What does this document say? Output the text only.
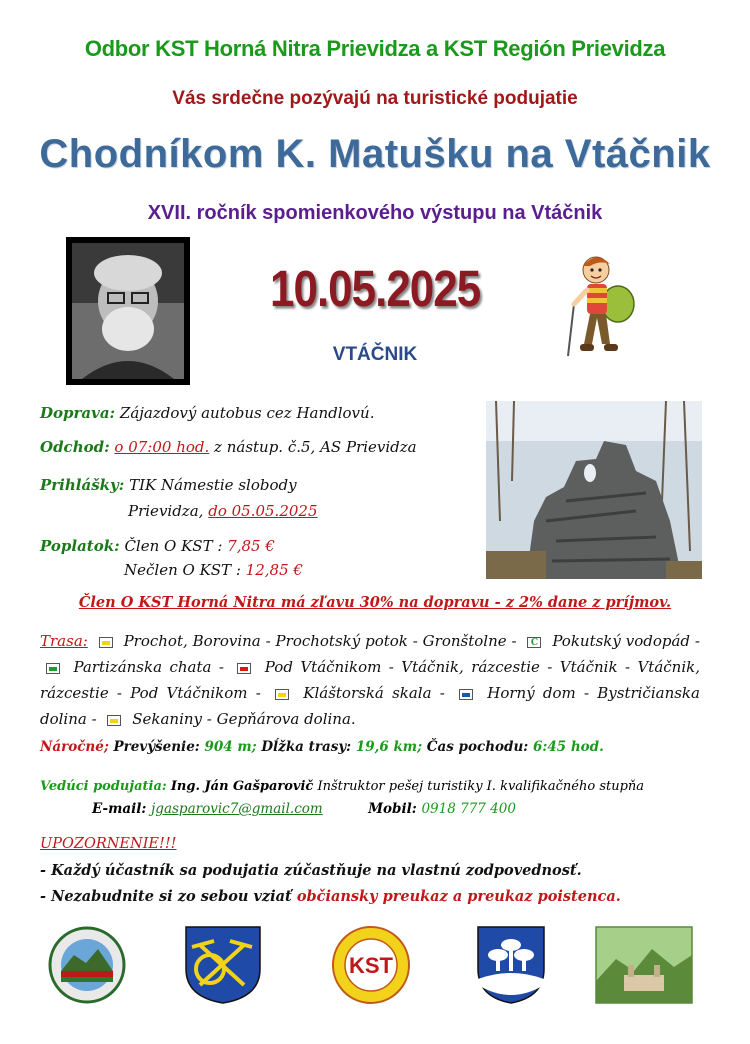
Odbor KST Horná Nitra Prievidza a KST Región Prievidza
Vás srdečne pozývajú na turistické podujatie
Chodníkom K. Matušku na Vtáčnik
XVII. ročník spomienkového výstupu na Vtáčnik
10.05.2025
VTÁČNIK
Doprava: Zájazdový autobus cez Handlovú.
Odchod: o 07:00 hod. z nástup. č.5, AS Prievidza
Prihlášky: TIK Námestie slobody
Prievidza, do 05.05.2025
Poplatok: Člen O KST : 7,85 €
Nečlen O KST : 12,85 €
Člen O KST Horná Nitra má zľavu 30% na dopravu - z 2% dane z príjmov.
Trasa: Prochot, Borovina - Prochotský potok - Gronštolne - C Pokutský vodopád -
Partizánska chata -	Pod Vtáčnikom - Vtáčnik, rázcestie - Vtáčnik - Vtáčnik, rázcestie - Pod Vtáčnikom -	Kláštorská skala -	Horný dom - Bystričianska dolina - Sekaniny - Gepňárova dolina.
Náročné; Prevýšenie: 904 m; Dĺžka trasy: 19,6 km; Čas pochodu: 6:45 hod.
Vedúci podujatia: Ing. Ján Gašparovič Inštruktor pešej turistiky I. kvalifikačného stupňa
E-mail: jgasparovic7@gmail.com	Mobil: 0918 777 400
UPOZORNENIE!!!
- Každý účastník sa podujatia zúčastňuje na vlastnú zodpovednosť.
- Nezabudnite si zo sebou vziať občiansky preukaz a preukaz poistenca.
KST
